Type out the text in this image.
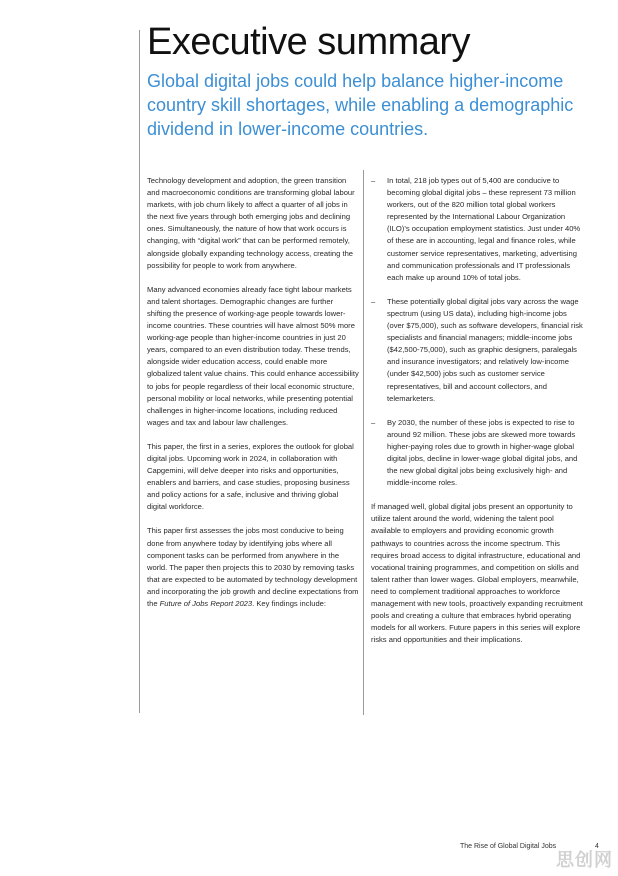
Executive summary
Global digital jobs could help balance higher-income country skill shortages, while enabling a demographic dividend in lower-income countries.

Technology development and adoption, the green transition and macroeconomic conditions are transforming global labour markets, with job churn likely to affect a quarter of all jobs in the next five years through both emerging jobs and declining ones. Simultaneously, the nature of how that work occurs is changing, with “digital work” that can be performed remotely, alongside globally expanding technology access, creating the possibility for people to work from anywhere.

Many advanced economies already face tight labour markets and talent shortages. Demographic changes are further shifting the presence of working-age people towards lower-income countries. These countries will have almost 50% more working-age people than higher-income countries in just 20 years, compared to an even distribution today. These trends, alongside wider education access, could enable more globalized talent value chains. This could enhance accessibility to jobs for people regardless of their local economic structure, personal mobility or local networks, while presenting potential challenges in higher-income locations, including reduced wages and tax and labour law challenges.

This paper, the first in a series, explores the outlook for global digital jobs. Upcoming work in 2024, in collaboration with Capgemini, will delve deeper into risks and opportunities, enablers and barriers, and case studies, proposing business and policy actions for a safe, inclusive and thriving global digital workforce.

This paper first assesses the jobs most conducive to being done from anywhere today by identifying jobs where all component tasks can be performed from anywhere in the world. The paper then projects this to 2030 by removing tasks that are expected to be automated by technology development and incorporating the job growth and decline expectations from the Future of Jobs Report 2023. Key findings include:

– In total, 218 job types out of 5,400 are conducive to becoming global digital jobs – these represent 73 million workers, out of the 820 million total global workers represented by the International Labour Organization (ILO)’s occupation employment statistics. Just under 40% of these are in accounting, legal and finance roles, while customer service representatives, marketing, advertising and communication professionals and IT professionals each make up around 10% of total jobs.
– These potentially global digital jobs vary across the wage spectrum (using US data), including high-income jobs (over $75,000), such as software developers, financial risk specialists and financial managers; middle-income jobs ($42,500-75,000), such as graphic designers, paralegals and insurance investigators; and relatively low-income (under $42,500) jobs such as customer service representatives, bill and account collectors, and telemarketers.
– By 2030, the number of these jobs is expected to rise to around 92 million. These jobs are skewed more towards higher-paying roles due to growth in higher-wage global digital jobs, decline in lower-wage global digital jobs, and the new global digital jobs being exclusively high- and middle-income roles.

If managed well, global digital jobs present an opportunity to utilize talent around the world, widening the talent pool available to employers and providing economic growth pathways to countries across the income spectrum. This requires broad access to digital infrastructure, educational and vocational training programmes, and competition on skills and talent rather than lower wages. Global employers, meanwhile, need to complement traditional approaches to workforce management with new tools, proactively expanding recruitment pools and creating a culture that embraces hybrid operating models for all workers. Future papers in this series will explore risks and opportunities and their implications.

The Rise of Global Digital Jobs	4
思创网
